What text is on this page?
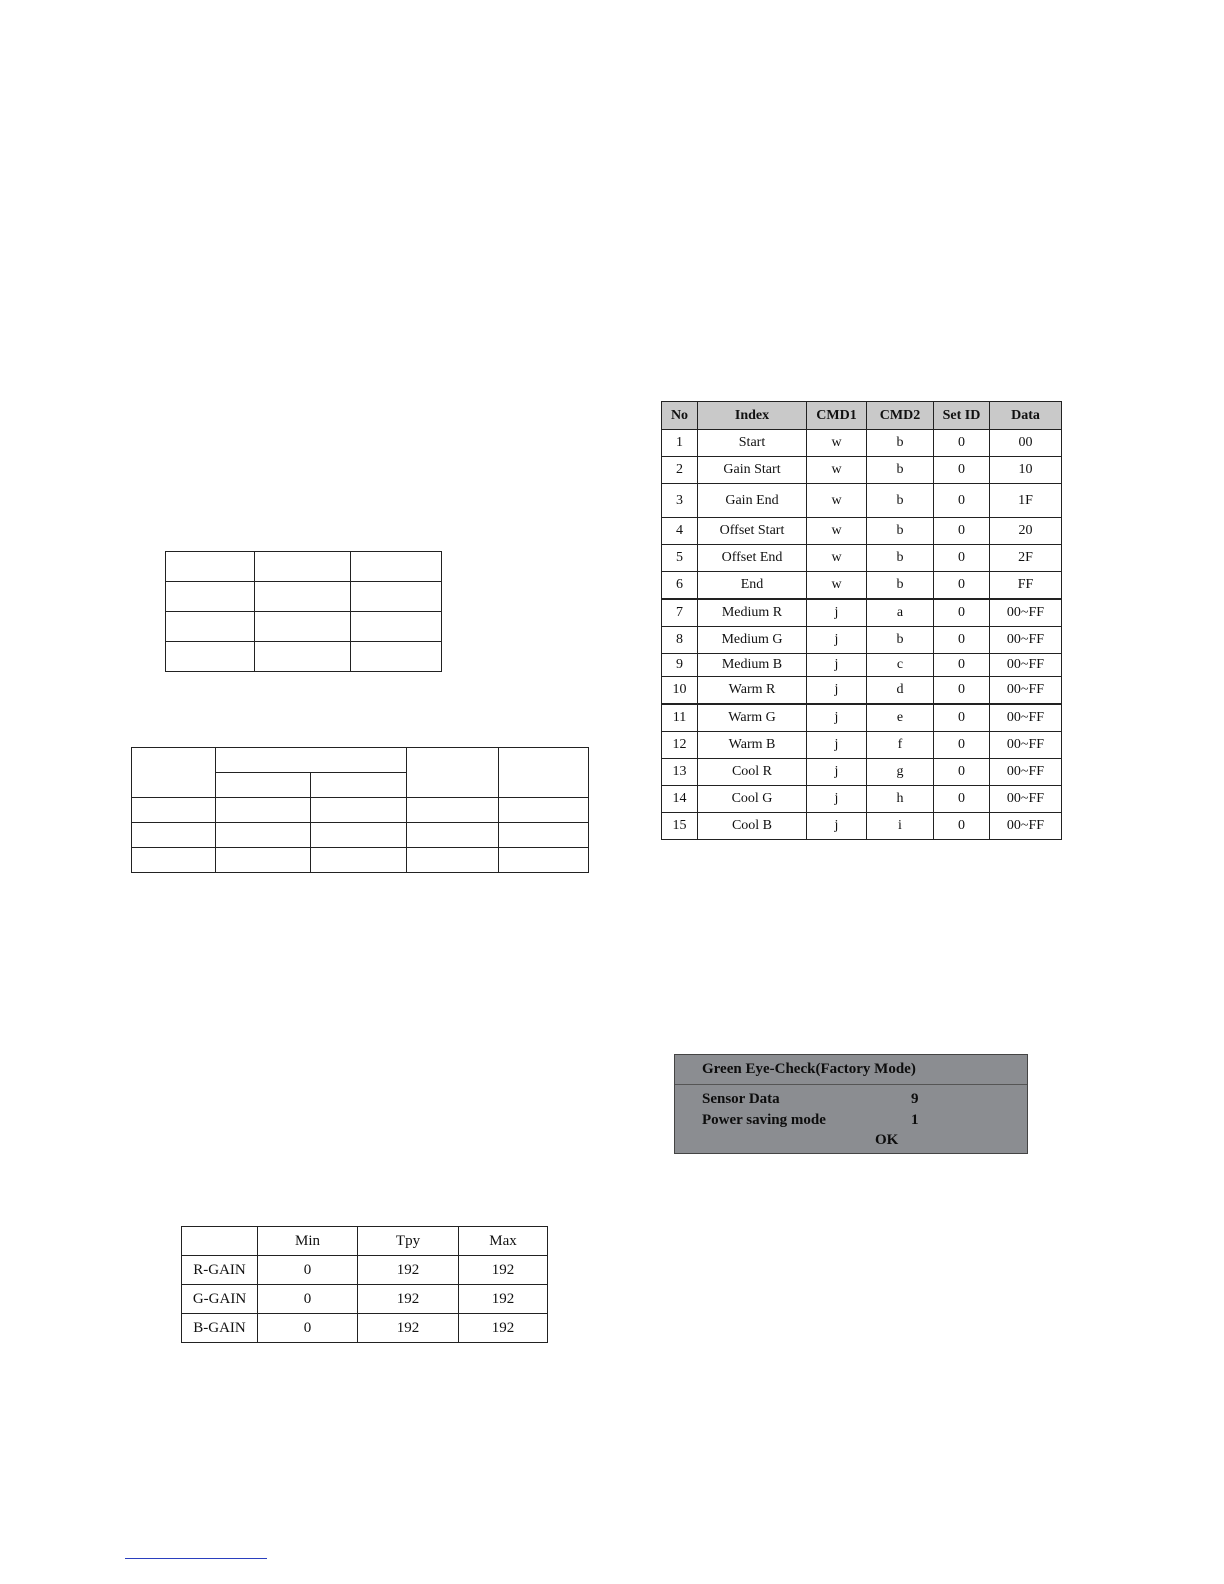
	Min	Tpy	Max
R-GAIN	0	192	192
G-GAIN	0	192	192
B-GAIN	0	192	192
No	Index	CMD1	CMD2	Set ID	Data
1	Start	w	b	0	00
2	Gain Start	w	b	0	10
3	Gain End	w	b	0	1F
4	Offset Start	w	b	0	20
5	Offset End	w	b	0	2F
6	End	w	b	0	FF
7	Medium R	j	a	0	00~FF
8	Medium G	j	b	0	00~FF
9	Medium B	j	c	0	00~FF
10	Warm R	j	d	0	00~FF
11	Warm G	j	e	0	00~FF
12	Warm B	j	f	0	00~FF
13	Cool R	j	g	0	00~FF
14	Cool G	j	h	0	00~FF
15	Cool B	j	i	0	00~FF
Green Eye-Check(Factory Mode)
Sensor Data	9
Power saving mode	1
OK
